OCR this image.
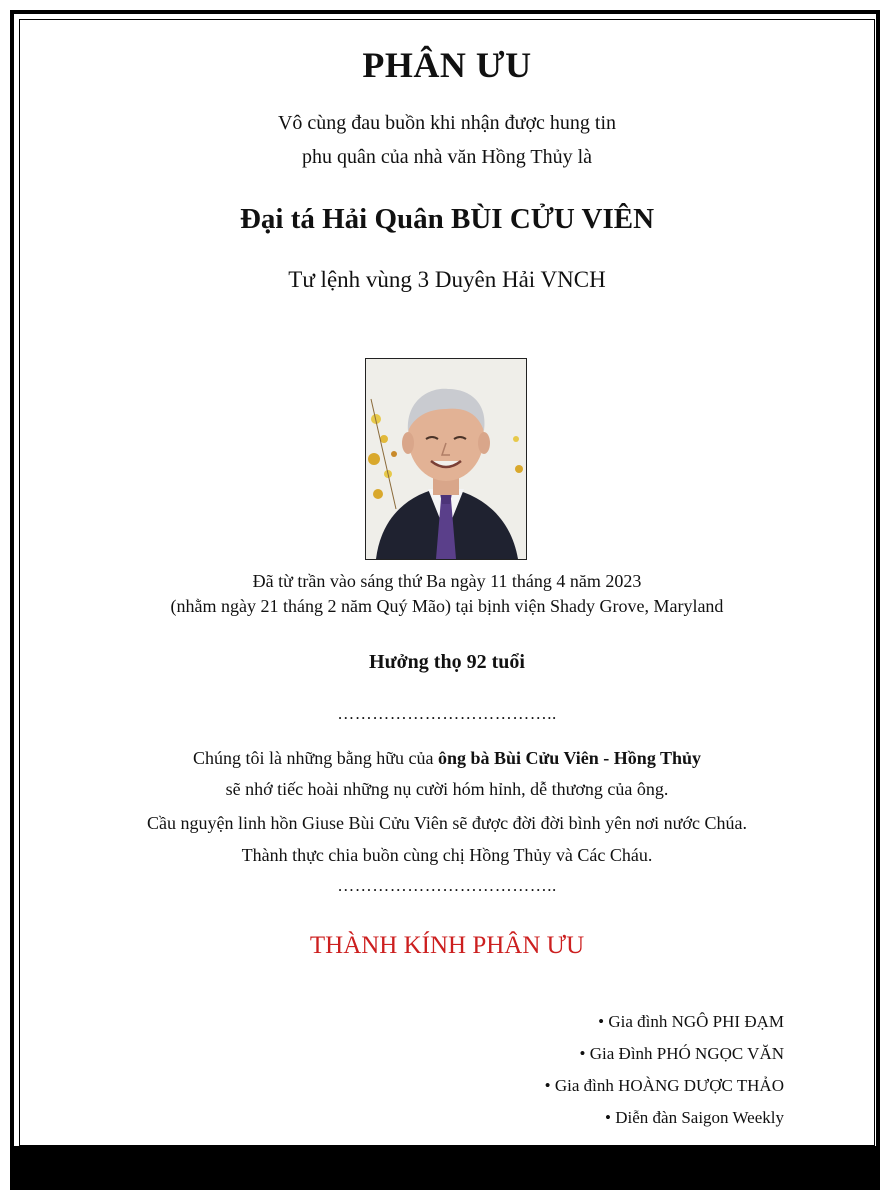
PHÂN ƯU
Vô cùng đau buồn khi nhận được hung tin
phu quân của nhà văn Hồng Thủy là
Đại tá Hải Quân BÙI CỬU VIÊN
Tư lệnh vùng 3 Duyên Hải VNCH
Đã từ trần vào sáng thứ Ba ngày 11 tháng 4 năm 2023
(nhằm ngày 21 tháng 2 năm Quý Mão) tại bịnh viện Shady Grove, Maryland
Hưởng thọ 92 tuổi
………………………………..
Chúng tôi là những bằng hữu của ông bà Bùi Cửu Viên - Hồng Thủy
sẽ nhớ tiếc hoài những nụ cười hóm hỉnh, dễ thương của ông.
Cầu nguyện linh hồn Giuse Bùi Cửu Viên sẽ được đời đời bình yên nơi nước Chúa.
Thành thực chia buồn cùng chị Hồng Thủy và Các Cháu.
………………………………..
THÀNH KÍNH PHÂN ƯU
• Gia đình NGÔ PHI ĐẠM
• Gia Đình PHÓ NGỌC VĂN
• Gia đình HOÀNG DƯỢC THẢO
• Diễn đàn Saigon Weekly
